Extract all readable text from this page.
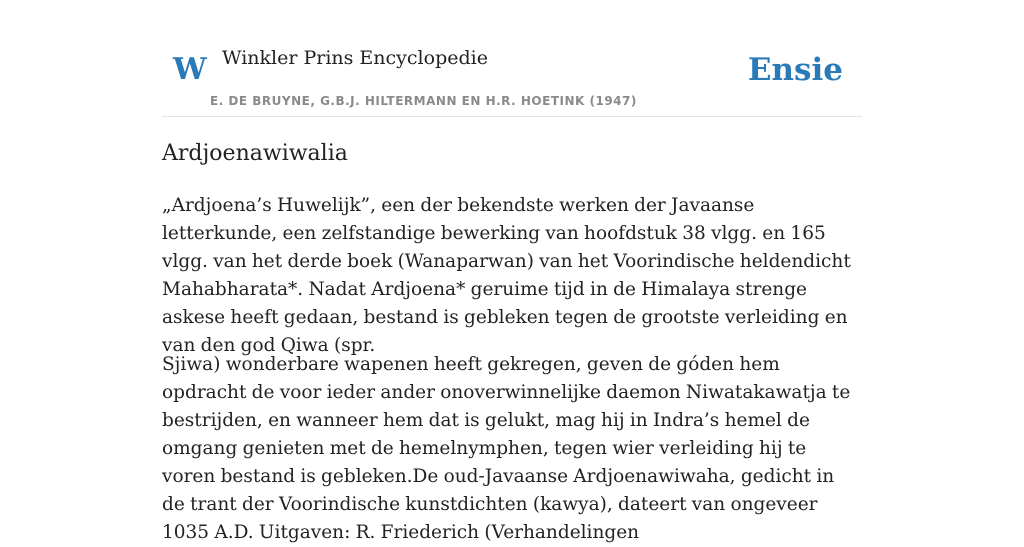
W Winkler Prins Encyclopedie
E. DE BRUYNE, G.B.J. HILTERMANN EN H.R. HOETINK (1947)
Ensie
Ardjoenawiwalia

„Ardjoena’s Huwelijk”, een der bekendste werken der Javaanse letterkunde, een zelfstandige bewerking van hoofdstuk 38 vlgg. en 165 vlgg. van het derde boek (Wanaparwan) van het Voorindische heldendicht Mahabharata*. Nadat Ardjoena* geruime tijd in de Himalaya strenge askese heeft gedaan, bestand is gebleken tegen de grootste verleiding en van den god Qiwa (spr.

Sjiwa) wonderbare wapenen heeft gekregen, geven de góden hem opdracht de voor ieder ander onoverwinnelijke daemon Niwatakawatja te bestrijden, en wanneer hem dat is gelukt, mag hij in Indra’s hemel de omgang genieten met de hemelnymphen, tegen wier verleiding hij te voren bestand is gebleken.De oud-Javaanse Ardjoenawiwaha, gedicht in de trant der Voorindische kunstdichten (kawya), dateert van ongeveer 1035 A.D. Uitgaven: R. Friederich (Verhandelingen
